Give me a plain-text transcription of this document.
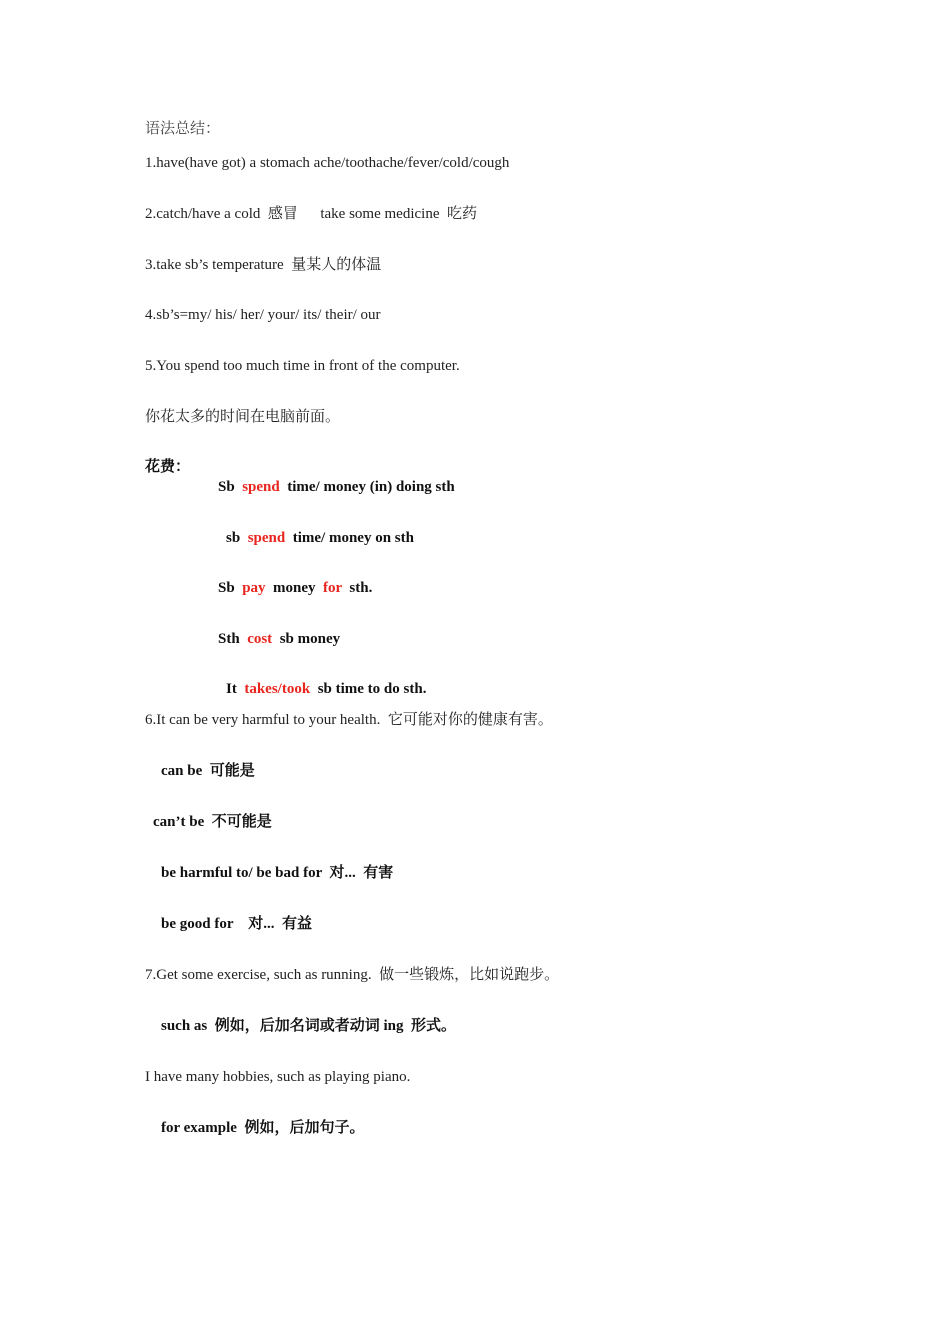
语法总结：
1.have(have got) a stomach ache/toothache/fever/cold/cough
2.catch/have a cold  感冒      take some medicine  吃药
3.take sb’s temperature  量某人的体温
4.sb’s=my/ his/ her/ your/ its/ their/ our
5.You spend too much time in front of the computer.
你花太多的时间在电脑前面。
花费：

Sb  spend  time/ money (in) doing sth

sb  spend  time/ money on sth

Sb  pay  money  for  sth.

Sth  cost  sb money

It  takes/took  sb time to do sth.

6.It can be very harmful to your health.  它可能对你的健康有害。
can be  可能是
can’t be  不可能是
be harmful to/ be bad for  对...  有害
be good for    对...  有益
7.Get some exercise, such as running.  做一些锻炼，比如说跑步。
such as  例如，后加名词或者动词 ing  形式。
I have many hobbies, such as playing piano.
for example  例如，后加句子。
